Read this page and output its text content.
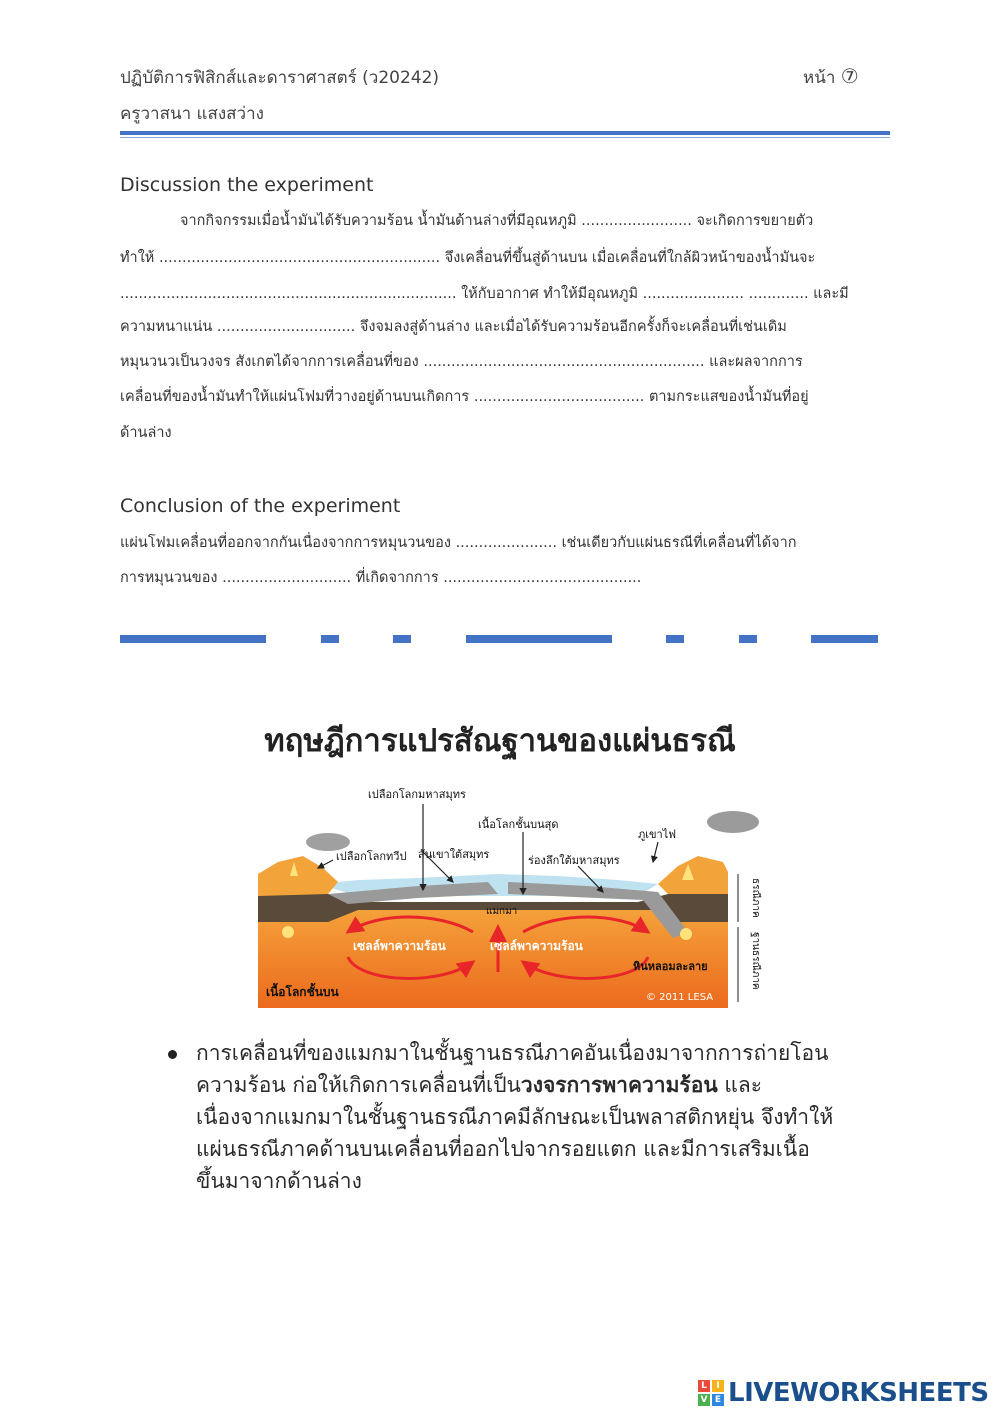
ปฏิบัติการฟิสิกส์และดาราศาสตร์ (ว20242)
ครูวาสนา แสงสว่าง
หน้า ⑦
Discussion the experiment
จากกิจกรรมเมื่อน้ำมันได้รับความร้อน น้ำมันด้านล่างที่มีอุณหภูมิ ........................ จะเกิดการขยายตัว
ทำให้ ............................................................. จึงเคลื่อนที่ขึ้นสู่ด้านบน เมื่อเคลื่อนที่ใกล้ผิวหน้าของน้ำมันจะ
......................................................................... ให้กับอากาศ ทำให้มีอุณหภูมิ ...................... ............. และมี
ความหนาแน่น .............................. จึงจมลงสู่ด้านล่าง และเมื่อได้รับความร้อนอีกครั้งก็จะเคลื่อนที่เช่นเดิม
หมุนวนวเป็นวงจร สังเกตได้จากการเคลื่อนที่ของ ............................................................. และผลจากการ
เคลื่อนที่ของน้ำมันทำให้แผ่นโฟมที่วางอยู่ด้านบนเกิดการ ..................................... ตามกระแสของน้ำมันที่อยู่
ด้านล่าง
Conclusion of the experiment
แผ่นโฟมเคลื่อนที่ออกจากกันเนื่องจากการหมุนวนของ ...................... เช่นเดียวกับแผ่นธรณีที่เคลื่อนที่ได้จาก
การหมุนวนของ ............................ ที่เกิดจากการ ...........................................
ทฤษฎีการแปรสัณฐานของแผ่นธรณี
เปลือกโลกมหาสมุทร
เนื้อโลกชั้นบนสุด
ภูเขาไฟ
เปลือกโลกทวีป สันเขาใต้สมุทร	ร่องลึกใต้มหาสมุทร
แมกมา
เซลล์พาความร้อน	เซลล์พาความร้อน
หินหลอมละลาย
เนื้อโลกชั้นบน	© 2011 LESA
ธรณีภาค
ฐานธรณีภาค
การเคลื่อนที่ของแมกมาในชั้นฐานธรณีภาคอันเนื่องมาจากการถ่ายโอน
ความร้อน ก่อให้เกิดการเคลื่อนที่เป็นวงจรการพาความร้อน และ
เนื่องจากแมกมาในชั้นฐานธรณีภาคมีลักษณะเป็นพลาสติกหยุ่น จึงทำให้
แผ่นธรณีภาคด้านบนเคลื่อนที่ออกไปจากรอยแตก และมีการเสริมเนื้อ
ขึ้นมาจากด้านล่าง
L	I
V E LIVEWORKSHEETS
